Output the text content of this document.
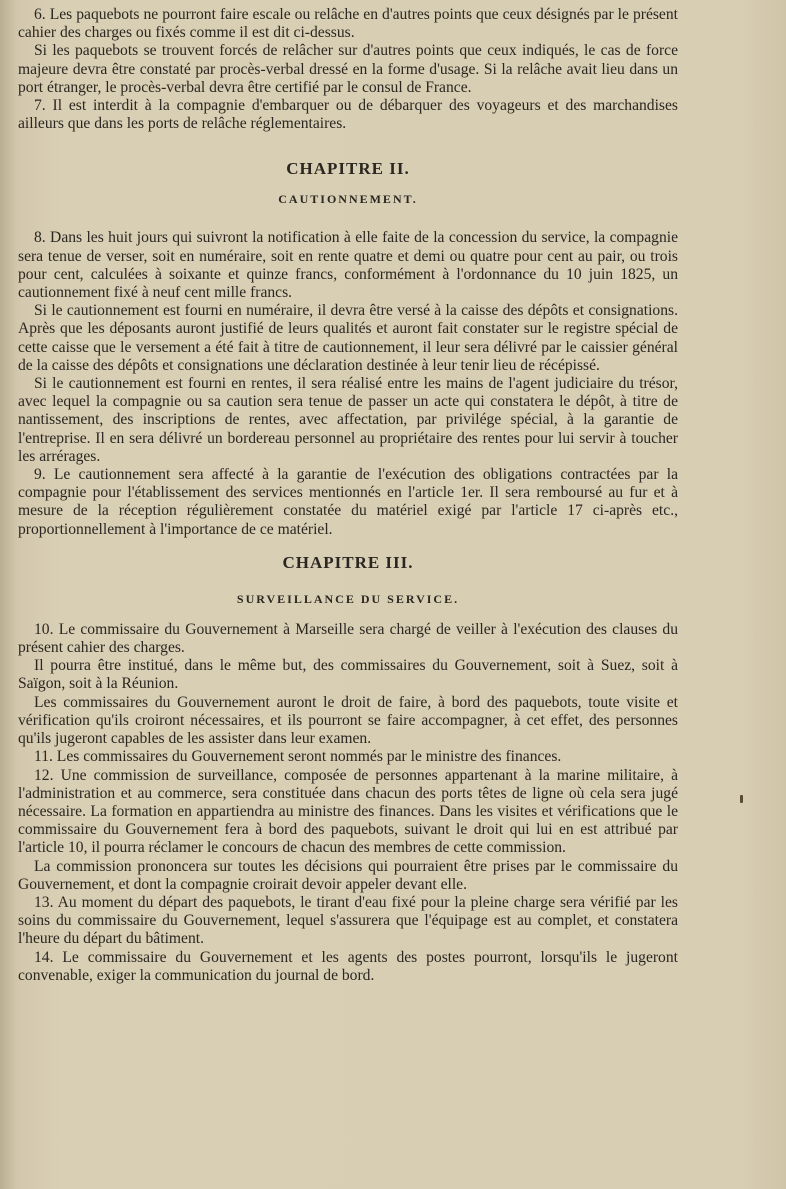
6. Les paquebots ne pourront faire escale ou relâche en d'autres points que ceux désignés par le présent cahier des charges ou fixés comme il est dit ci-dessus.

Si les paquebots se trouvent forcés de relâcher sur d'autres points que ceux indiqués, le cas de force majeure devra être constaté par procès-verbal dressé en la forme d'usage. Si la relâche avait lieu dans un port étranger, le procès-verbal devra être certifié par le consul de France.

7. Il est interdit à la compagnie d'embarquer ou de débarquer des voyageurs et des marchandises ailleurs que dans les ports de relâche réglementaires.

CHAPITRE II.
CAUTIONNEMENT.

8. Dans les huit jours qui suivront la notification à elle faite de la concession du service, la compagnie sera tenue de verser, soit en numéraire, soit en rente quatre et demi ou quatre pour cent au pair, ou trois pour cent, calculées à soixante et quinze francs, conformément à l'ordonnance du 10 juin 1825, un cautionnement fixé à neuf cent mille francs.

Si le cautionnement est fourni en numéraire, il devra être versé à la caisse des dépôts et consignations. Après que les déposants auront justifié de leurs qualités et auront fait constater sur le registre spécial de cette caisse que le versement a été fait à titre de cautionnement, il leur sera délivré par le caissier général de la caisse des dépôts et consignations une déclaration destinée à leur tenir lieu de récépissé.

Si le cautionnement est fourni en rentes, il sera réalisé entre les mains de l'agent judiciaire du trésor, avec lequel la compagnie ou sa caution sera tenue de passer un acte qui constatera le dépôt, à titre de nantissement, des inscriptions de rentes, avec affectation, par privilége spécial, à la garantie de l'entreprise. Il en sera délivré un bordereau personnel au propriétaire des rentes pour lui servir à toucher les arrérages.

9. Le cautionnement sera affecté à la garantie de l'exécution des obligations contractées par la compagnie pour l'établissement des services mentionnés en l'article 1er. Il sera remboursé au fur et à mesure de la réception régulièrement constatée du matériel exigé par l'article 17 ci-après etc., proportionnellement à l'importance de ce matériel.

CHAPITRE III.
SURVEILLANCE DU SERVICE.

10. Le commissaire du Gouvernement à Marseille sera chargé de veiller à l'exécution des clauses du présent cahier des charges.

Il pourra être institué, dans le même but, des commissaires du Gouvernement, soit à Suez, soit à Saïgon, soit à la Réunion.

Les commissaires du Gouvernement auront le droit de faire, à bord des paquebots, toute visite et vérification qu'ils croiront nécessaires, et ils pourront se faire accompagner, à cet effet, des personnes qu'ils jugeront capables de les assister dans leur examen.

11. Les commissaires du Gouvernement seront nommés par le ministre des finances.

12. Une commission de surveillance, composée de personnes appartenant à la marine militaire, à l'administration et au commerce, sera constituée dans chacun des ports têtes de ligne où cela sera jugé nécessaire. La formation en appartiendra au ministre des finances. Dans les visites et vérifications que le commissaire du Gouvernement fera à bord des paquebots, suivant le droit qui lui en est attribué par l'article 10, il pourra réclamer le concours de chacun des membres de cette commission.

La commission prononcera sur toutes les décisions qui pourraient être prises par le commissaire du Gouvernement, et dont la compagnie croirait devoir appeler devant elle.

13. Au moment du départ des paquebots, le tirant d'eau fixé pour la pleine charge sera vérifié par les soins du commissaire du Gouvernement, lequel s'assurera que l'équipage est au complet, et constatera l'heure du départ du bâtiment.

14. Le commissaire du Gouvernement et les agents des postes pourront, lorsqu'ils le jugeront convenable, exiger la communication du journal de bord.
